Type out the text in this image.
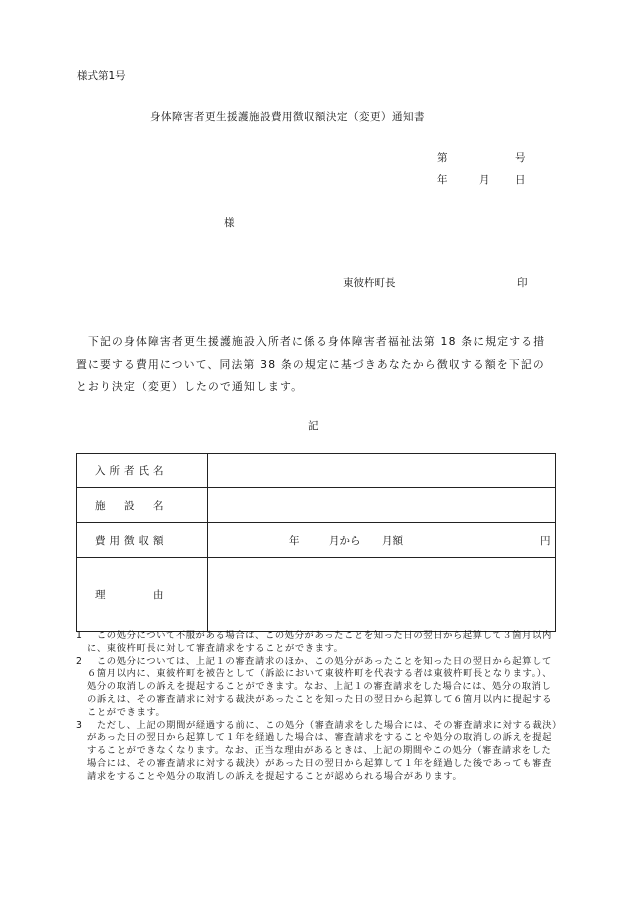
様式第1号
身体障害者更生援護施設費用徴収額決定（変更）通知書
第	号
年	月 日
様
東彼杵町長	印
下記の身体障害者更生援護施設入所者に係る身体障害者福祉法第 18 条に規定する措置に要する費用について、同法第 38 条の規定に基づきあなたから徴収する額を下記のとおり決定（変更）したので通知します。
記
入所者氏名	
施　設　名	
費用徴収額	年 月から 月額 円

理　　　由	

1 　この処分について不服がある場合は、この処分があったことを知った日の翌日から起算して３箇月以内に、東彼杵町長に対して審査請求をすることができます。

2 　この処分については、上記１の審査請求のほか、この処分があったことを知った日の翌日から起算して６箇月以内に、東彼杵町を被告として（訴訟において東彼杵町を代表する者は東彼杵町長となります。）、処分の取消しの訴えを提起することができます。なお、上記１の審査請求をした場合には、処分の取消しの訴えは、その審査請求に対する裁決があったことを知った日の翌日から起算して６箇月以内に提起することができます。

3 　ただし、上記の期間が経過する前に、この処分（審査請求をした場合には、その審査請求に対する裁決）があった日の翌日から起算して１年を経過した場合は、審査請求をすることや処分の取消しの訴えを提起することができなくなります。なお、正当な理由があるときは、上記の期間やこの処分（審査請求をした場合には、その審査請求に対する裁決）があった日の翌日から起算して１年を経過した後であっても審査請求をすることや処分の取消しの訴えを提起することが認められる場合があります。
